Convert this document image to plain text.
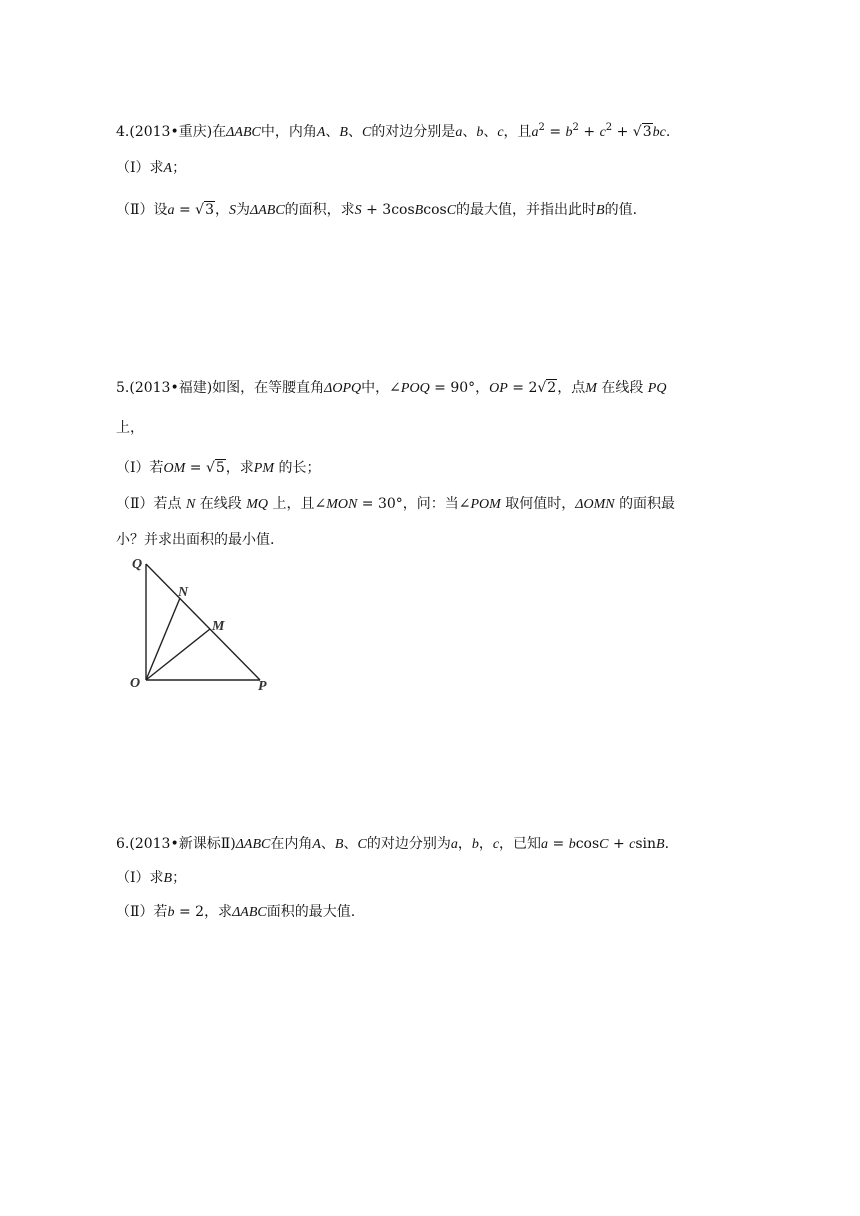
4.(2013•重庆)在ΔABC中，内角A、B、C的对边分别是a、b、c，且$a^2 = b^2 + c^2 + √3bc$.
（Ⅰ）求A；
（Ⅱ）设a = √3，S为ΔABC的面积，求S + 3cosBcosC的最大值，并指出此时B的值.
5.(2013•福建)如图，在等腰直角ΔOPQ中，∠POQ = 90°，OP = 2√2，点M 在线段 PQ
上，
（Ⅰ）若OM = √5，求PM 的长；
（Ⅱ）若点 N 在线段 MQ 上，且∠MON = 30°，问：当∠POM 取何值时，ΔOMN 的面积最
小？并求出面积的最小值.
Q
N
M
O	P
6.(2013•新课标Ⅱ)ΔABC在内角A、B、C的对边分别为a，b，c，已知a = bcosC + csinB.
（Ⅰ）求B；
（Ⅱ）若b = 2，求ΔABC面积的最大值.
